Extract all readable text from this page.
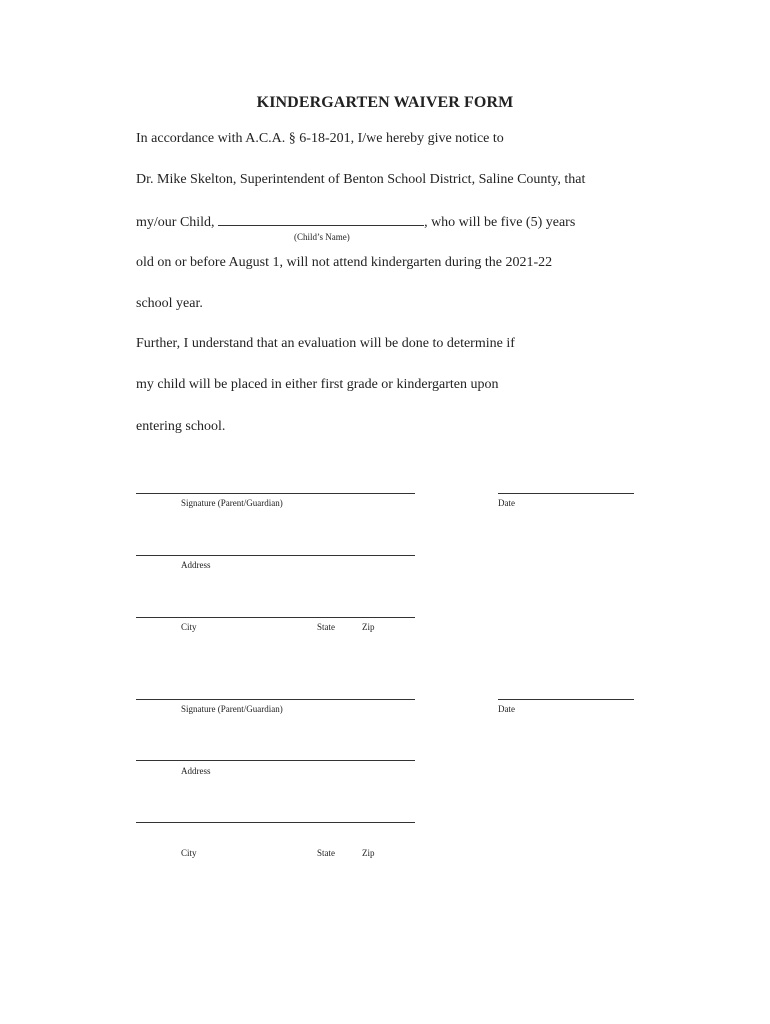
KINDERGARTEN WAIVER FORM
In accordance with A.C.A. § 6-18-201, I/we hereby give notice to
Dr. Mike Skelton, Superintendent of Benton School District, Saline County, that
my/our Child,	, who will be five (5) years
(Child’s Name)
old on or before August 1, will not attend kindergarten during the 2021-22
school year.
Further, I understand that an evaluation will be done to determine if
my child will be placed in either first grade or kindergarten upon
entering school.
Signature (Parent/Guardian)	Date
Address
City	State	Zip
Signature (Parent/Guardian)	Date
Address
City	State	Zip
